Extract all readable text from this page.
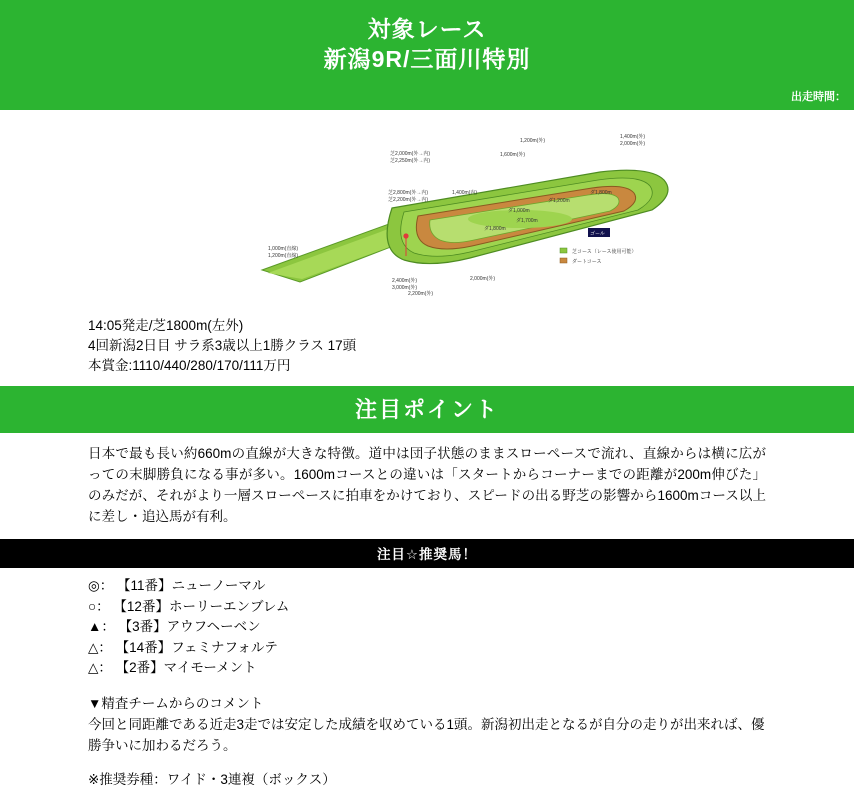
対象レース
新潟9R/三面川特別
出走時間：
ゴール
芝2,000m(外→内)
芝2,250m(外→内)
1,200m(外)
1,400m(外)
2,000m(外)
1,600m(外)
芝2,800m(外→内)
芝2,200m(外→内)
1,400m(内)
ダ1,200m
ダ1,800m
ダ1,000m
ダ1,800m
ダ1,700m
1,000m(直線)
1,200m(直線)
2,200m(外)
2,000m(外)
2,400m(外)
3,000m(外)
芝コース（レース使用可能）
ダートコース
14:05発走/芝1800m(左外)
4回新潟2日目 サラ系3歳以上1勝クラス 17頭
本賞金:1110/440/280/170/111万円
注目ポイント
日本で最も長い約660mの直線が大きな特徴。道中は団子状態のままスローペースで流れ、直線からは横に広がっての末脚勝負になる事が多い。1600mコースとの違いは「スタートからコーナーまでの距離が200m伸びた」のみだが、それがより一層スローペースに拍車をかけており、スピードの出る野芝の影響から1600mコース以上に差し・追込馬が有利。
注目☆推奨馬！
◎： 【11番】ニューノーマル
○： 【12番】ホーリーエンブレム
▲： 【3番】アウフヘーベン
△： 【14番】フェミナフォルテ
△： 【2番】マイモーメント

▼精査チームからのコメント

今回と同距離である近走3走では安定した成績を収めている1頭。新潟初出走となるが自分の走りが出来れば、優勝争いに加わるだろう。

※推奨券種：ワイド・3連複（ボックス）
